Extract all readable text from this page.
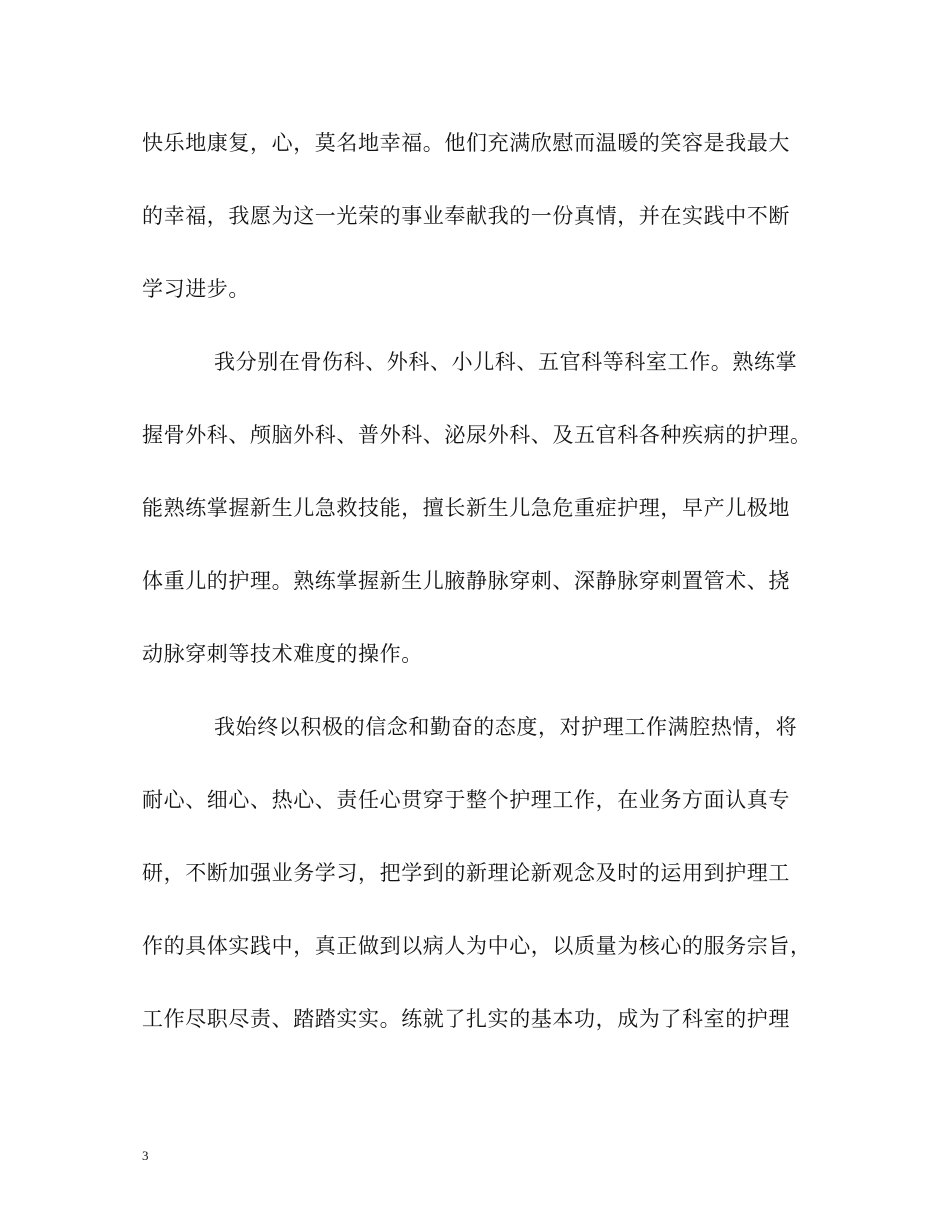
快乐地康复，心，莫名地幸福。他们充满欣慰而温暖的笑容是我最大
的幸福，我愿为这一光荣的事业奉献我的一份真情，并在实践中不断
学习进步。
我分别在骨伤科、外科、小儿科、五官科等科室工作。熟练掌
握骨外科、颅脑外科、普外科、泌尿外科、及五官科各种疾病的护理。
能熟练掌握新生儿急救技能，擅长新生儿急危重症护理，早产儿极地
体重儿的护理。熟练掌握新生儿腋静脉穿刺、深静脉穿刺置管术、挠
动脉穿刺等技术难度的操作。
我始终以积极的信念和勤奋的态度，对护理工作满腔热情，将
耐心、细心、热心、责任心贯穿于整个护理工作，在业务方面认真专
研，不断加强业务学习，把学到的新理论新观念及时的运用到护理工
作的具体实践中，真正做到以病人为中心，以质量为核心的服务宗旨，
工作尽职尽责、踏踏实实。练就了扎实的基本功，成为了科室的护理
3
